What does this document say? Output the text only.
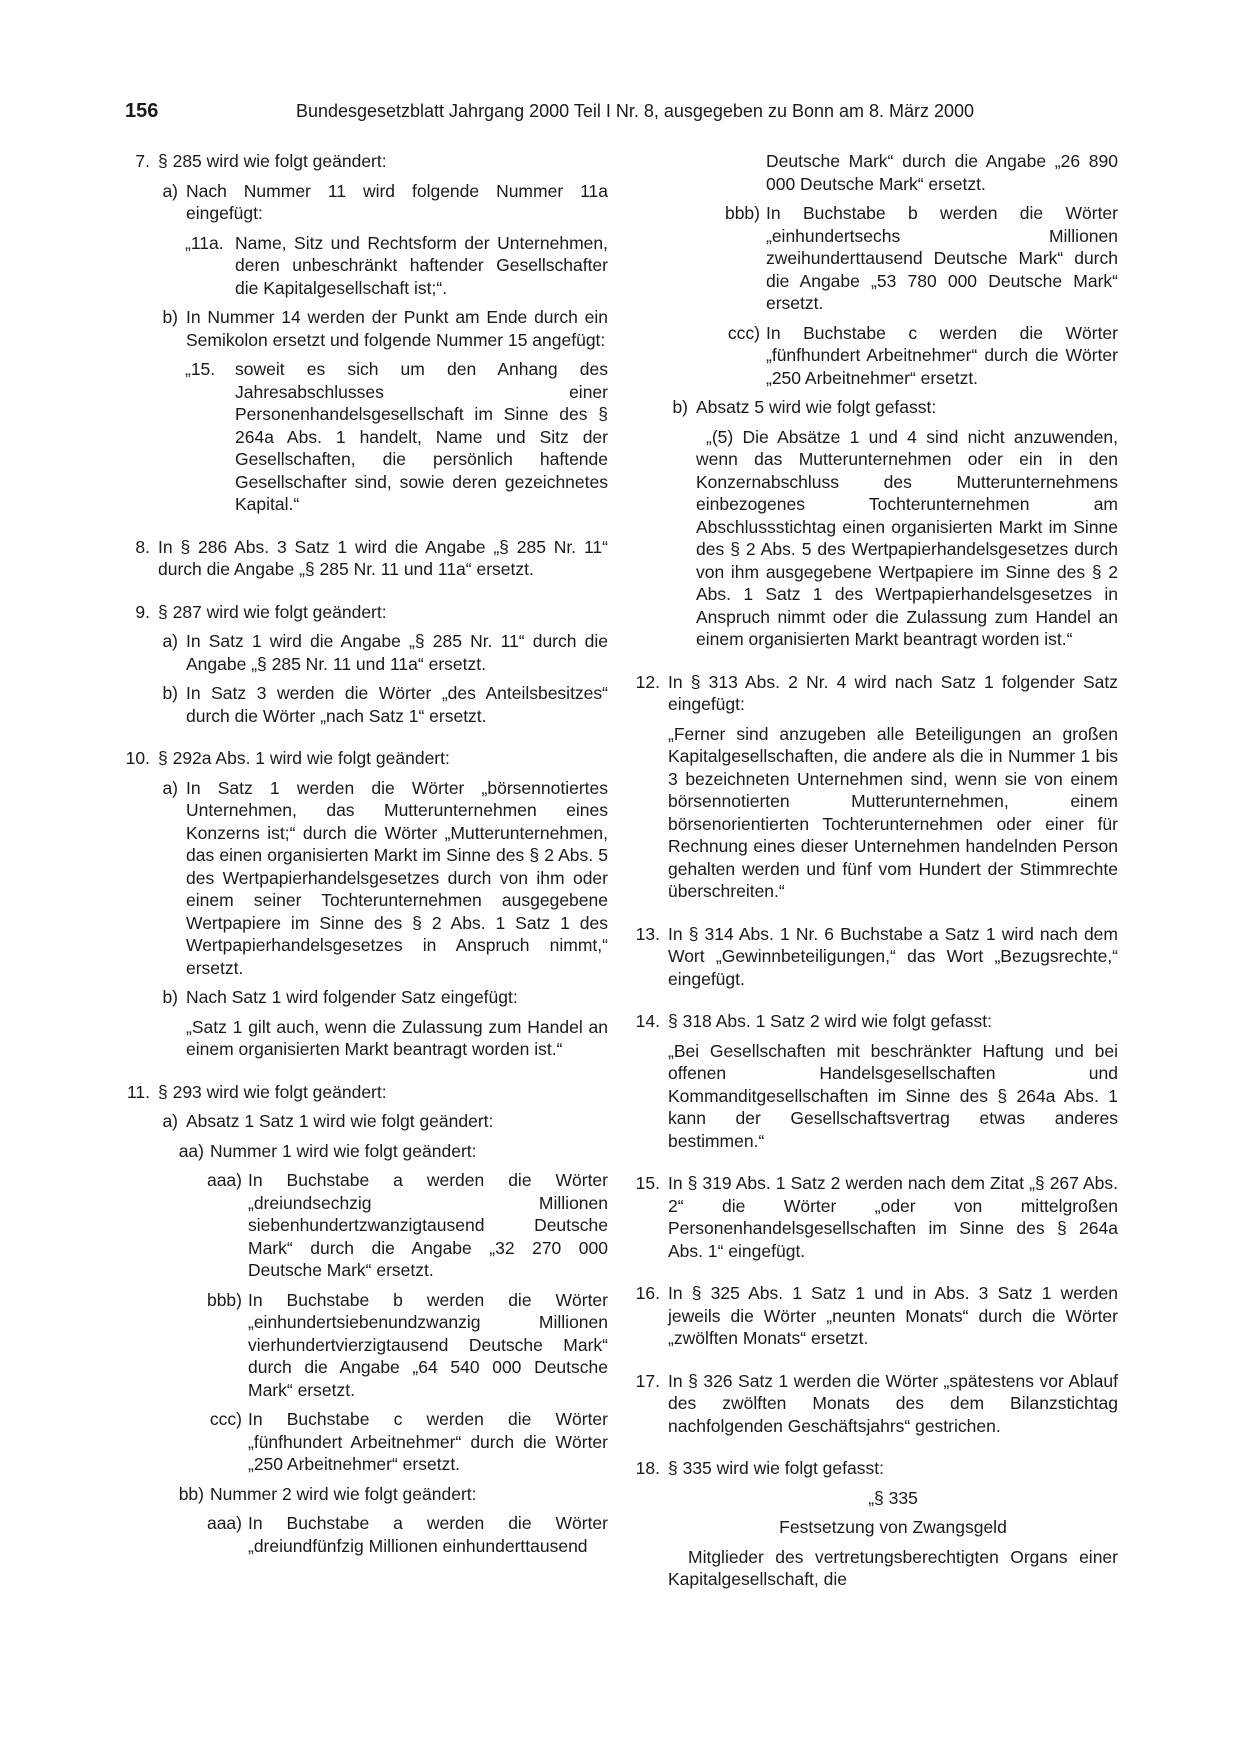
156	Bundesgesetzblatt Jahrgang 2000 Teil I Nr. 8, ausgegeben zu Bonn am 8. März 2000
7. § 285 wird wie folgt geändert:
a) Nach Nummer 11 wird folgende Nummer 11a eingefügt:
„11a. Name, Sitz und Rechtsform der Unternehmen, deren unbeschränkt haftender Gesellschafter die Kapitalgesellschaft ist;“.
b) In Nummer 14 werden der Punkt am Ende durch ein Semikolon ersetzt und folgende Nummer 15 angefügt:
„15.	soweit es sich um den Anhang des Jahresabschlusses einer Personenhandelsgesellschaft im Sinne des § 264a Abs. 1 handelt, Name und Sitz der Gesellschaften, die persönlich haftende Gesellschafter sind, sowie deren gezeichnetes Kapital.“
8. In § 286 Abs. 3 Satz 1 wird die Angabe „§ 285 Nr. 11“ durch die Angabe „§ 285 Nr. 11 und 11a“ ersetzt.
9. § 287 wird wie folgt geändert:
a) In Satz 1 wird die Angabe „§ 285 Nr. 11“ durch die Angabe „§ 285 Nr. 11 und 11a“ ersetzt.
b) In Satz 3 werden die Wörter „des Anteilsbesitzes“ durch die Wörter „nach Satz 1“ ersetzt.
10. § 292a Abs. 1 wird wie folgt geändert:
a) In Satz 1 werden die Wörter „börsennotiertes Unternehmen, das Mutterunternehmen eines Konzerns ist;“ durch die Wörter „Mutterunternehmen, das einen organisierten Markt im Sinne des § 2 Abs. 5 des Wertpapierhandelsgesetzes durch von ihm oder einem seiner Tochterunternehmen ausgegebene Wertpapiere im Sinne des § 2 Abs. 1 Satz 1 des Wertpapierhandelsgesetzes in Anspruch nimmt,“ ersetzt.
b) Nach Satz 1 wird folgender Satz eingefügt:
„Satz 1 gilt auch, wenn die Zulassung zum Handel an einem organisierten Markt beantragt worden ist.“
11. § 293 wird wie folgt geändert:
a) Absatz 1 Satz 1 wird wie folgt geändert:
aa) Nummer 1 wird wie folgt geändert:
aaa) In Buchstabe a werden die Wörter „dreiundsechzig Millionen siebenhundertzwanzigtausend Deutsche Mark“ durch die Angabe „32 270 000 Deutsche Mark“ ersetzt.
bbb) In Buchstabe b werden die Wörter „einhundertsiebenundzwanzig Millionen vierhundertvierzigtausend Deutsche Mark“ durch die Angabe „64 540 000 Deutsche Mark“ ersetzt.
ccc) In Buchstabe c werden die Wörter „fünfhundert Arbeitnehmer“ durch die Wörter „250 Arbeitnehmer“ ersetzt.
bb) Nummer 2 wird wie folgt geändert:
aaa) In Buchstabe a werden die Wörter „dreiundfünfzig Millionen einhunderttausend
Deutsche Mark“ durch die Angabe „26 890 000 Deutsche Mark“ ersetzt.
bbb) In Buchstabe b werden die Wörter „einhundertsechs Millionen zweihunderttausend Deutsche Mark“ durch die Angabe „53 780 000 Deutsche Mark“ ersetzt.
ccc) In Buchstabe c werden die Wörter „fünfhundert Arbeitnehmer“ durch die Wörter „250 Arbeitnehmer“ ersetzt.
b) Absatz 5 wird wie folgt gefasst:
„(5) Die Absätze 1 und 4 sind nicht anzuwenden, wenn das Mutterunternehmen oder ein in den Konzernabschluss des Mutterunternehmens einbezogenes Tochterunternehmen am Abschlussstichtag einen organisierten Markt im Sinne des § 2 Abs. 5 des Wertpapierhandelsgesetzes durch von ihm ausgegebene Wertpapiere im Sinne des § 2 Abs. 1 Satz 1 des Wertpapierhandelsgesetzes in Anspruch nimmt oder die Zulassung zum Handel an einem organisierten Markt beantragt worden ist.“
12. In § 313 Abs. 2 Nr. 4 wird nach Satz 1 folgender Satz eingefügt:
„Ferner sind anzugeben alle Beteiligungen an großen Kapitalgesellschaften, die andere als die in Nummer 1 bis 3 bezeichneten Unternehmen sind, wenn sie von einem börsennotierten Mutterunternehmen, einem börsenorientierten Tochterunternehmen oder einer für Rechnung eines dieser Unternehmen handelnden Person gehalten werden und fünf vom Hundert der Stimmrechte überschreiten.“
13. In § 314 Abs. 1 Nr. 6 Buchstabe a Satz 1 wird nach dem Wort „Gewinnbeteiligungen,“ das Wort „Bezugsrechte,“ eingefügt.
14. § 318 Abs. 1 Satz 2 wird wie folgt gefasst:
„Bei Gesellschaften mit beschränkter Haftung und bei offenen Handelsgesellschaften und Kommanditgesellschaften im Sinne des § 264a Abs. 1 kann der Gesellschaftsvertrag etwas anderes bestimmen.“
15. In § 319 Abs. 1 Satz 2 werden nach dem Zitat „§ 267 Abs. 2“ die Wörter „oder von mittelgroßen Personenhandelsgesellschaften im Sinne des § 264a Abs. 1“ eingefügt.
16. In § 325 Abs. 1 Satz 1 und in Abs. 3 Satz 1 werden jeweils die Wörter „neunten Monats“ durch die Wörter „zwölften Monats“ ersetzt.
17. In § 326 Satz 1 werden die Wörter „spätestens vor Ablauf des zwölften Monats des dem Bilanzstichtag nachfolgenden Geschäftsjahrs“ gestrichen.
18. § 335 wird wie folgt gefasst:
„§ 335
Festsetzung von Zwangsgeld
Mitglieder des vertretungsberechtigten Organs einer Kapitalgesellschaft, die
